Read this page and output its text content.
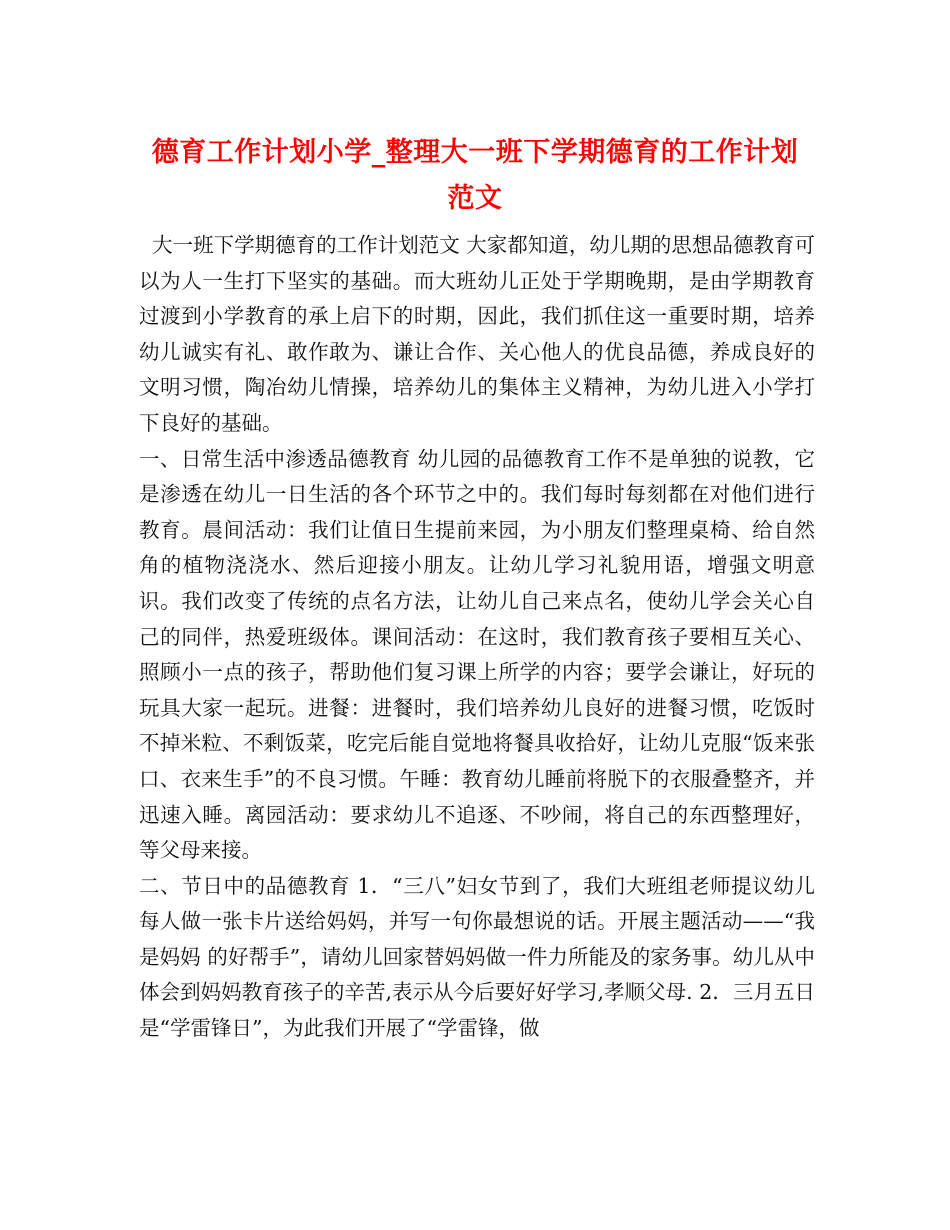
德育工作计划小学_整理大一班下学期德育的工作计划
范文

大一班下学期德育的工作计划范文 大家都知道，幼儿期的思想品德教育可以为人一生打下坚实的基础。而大班幼儿正处于学期晚期，是由学期教育过渡到小学教育的承上启下的时期，因此，我们抓住这一重要时期，培养幼儿诚实有礼、敢作敢为、谦让合作、关心他人的优良品德，养成良好的文明习惯，陶冶幼儿情操，培养幼儿的集体主义精神，为幼儿进入小学打下良好的基础。

一、日常生活中渗透品德教育 幼儿园的品德教育工作不是单独的说教，它是渗透在幼儿一日生活的各个环节之中的。我们每时每刻都在对他们进行教育。晨间活动：我们让值日生提前来园，为小朋友们整理桌椅、给自然角的植物浇浇水、然后迎接小朋友。让幼儿学习礼貌用语，增强文明意识。我们改变了传统的点名方法，让幼儿自己来点名，使幼儿学会关心自己的同伴，热爱班级体。课间活动：在这时，我们教育孩子要相互关心、照顾小一点的孩子，帮助他们复习课上所学的内容；要学会谦让，好玩的玩具大家一起玩。进餐：进餐时，我们培养幼儿良好的进餐习惯，吃饭时不掉米粒、不剩饭菜，吃完后能自觉地将餐具收拾好，让幼儿克服“饭来张口、衣来生手”的不良习惯。午睡：教育幼儿睡前将脱下的衣服叠整齐，并迅速入睡。离园活动：要求幼儿不追逐、不吵闹，将自己的东西整理好，等父母来接。

二、节日中的品德教育 1．“三八”妇女节到了，我们大班组老师提议幼儿每人做一张卡片送给妈妈，并写一句你最想说的话。开展主题活动——“我是妈妈 的好帮手”，请幼儿回家替妈妈做一件力所能及的家务事。幼儿从中体会到妈妈教育孩子的辛苦,表示从今后要好好学习,孝顺父母. 2．三月五日是“学雷锋日”，为此我们开展了“学雷锋，做
